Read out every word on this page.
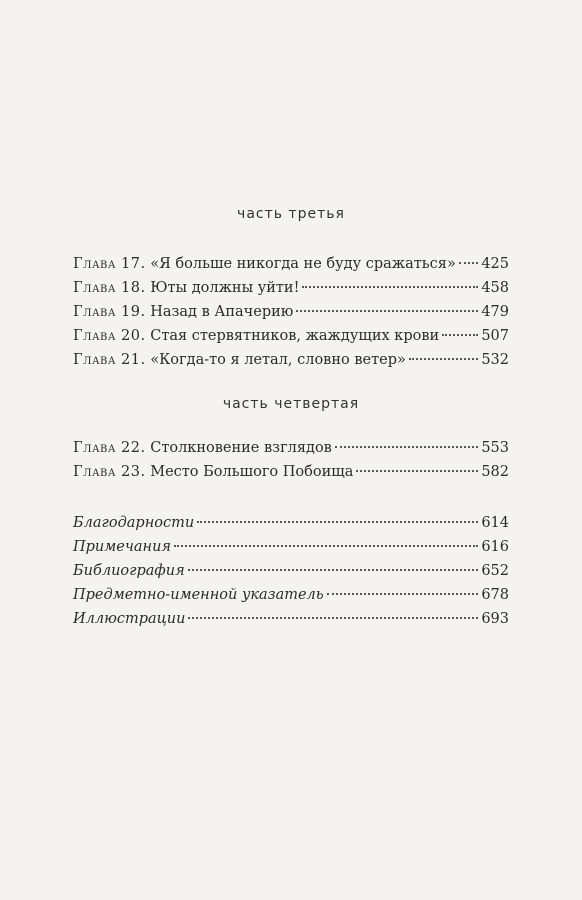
часть третья
Глава 17. «Я больше никогда не буду сражаться» 425
Глава 18. Юты должны уйти!	458
Глава 19. Назад в Апачерию	479
Глава 20. Стая стервятников, жаждущих крови	507
Глава 21. «Когда-то я летал, словно ветер»	532
часть четвертая
Глава 22. Столкновение взглядов	553
Глава 23. Место Большого Побоища	582
Благодарности	614
Примечания	616
Библиография	652
Предметно-именной указатель	678
Иллюстрации	693
